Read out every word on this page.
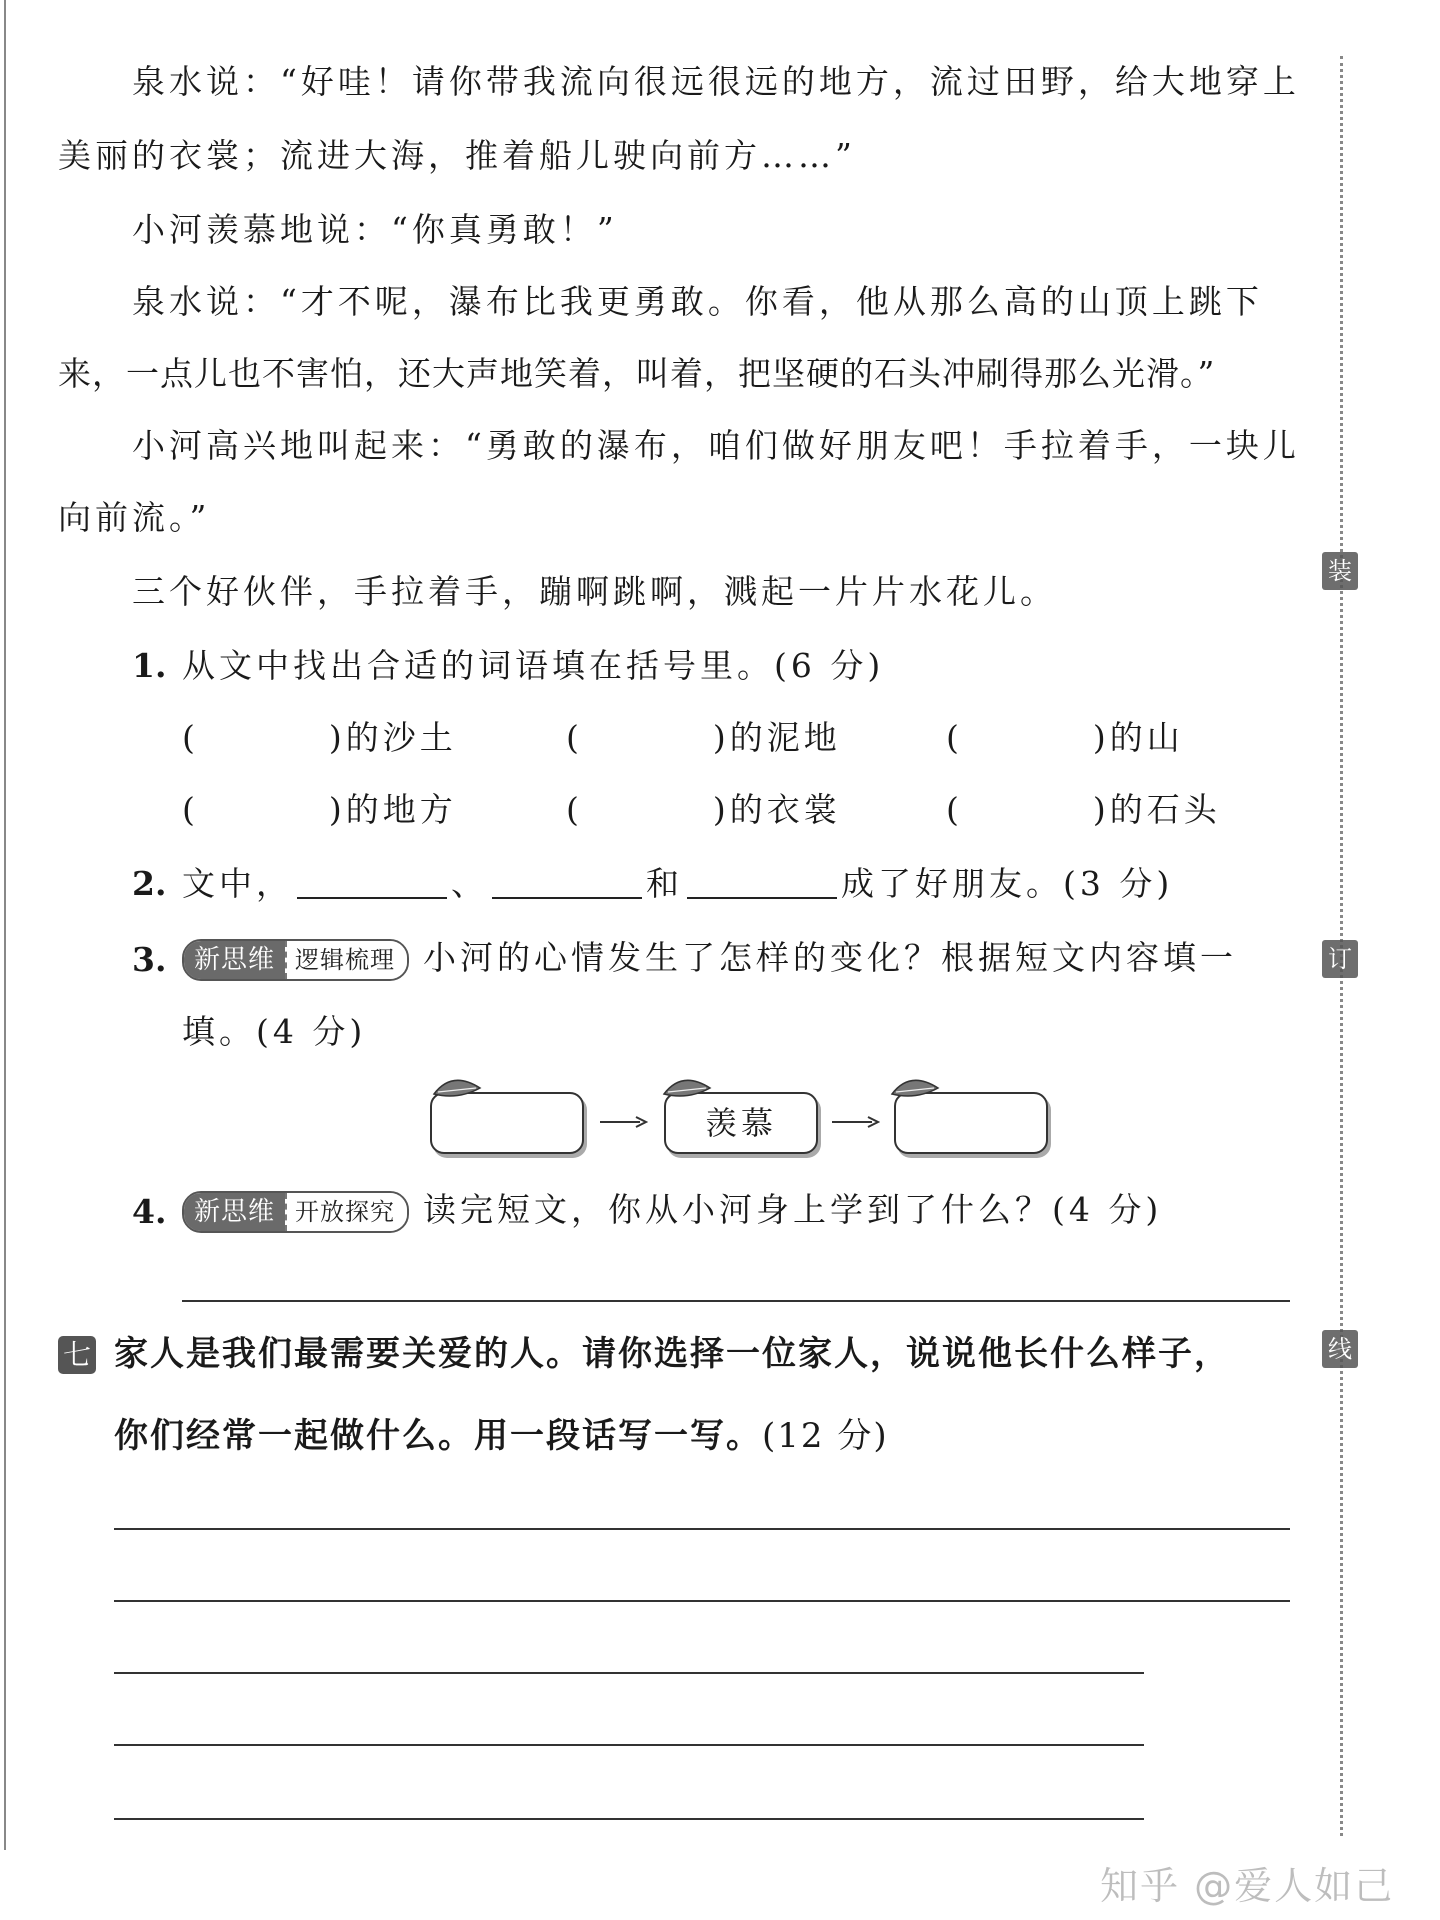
装
订
线
泉水说：“好哇！请你带我流向很远很远的地方，流过田野，给大地穿上
美丽的衣裳；流进大海，推着船儿驶向前方……”
小河羡慕地说：“你真勇敢！”
泉水说：“才不呢，瀑布比我更勇敢。你看，他从那么高的山顶上跳下
来，一点儿也不害怕，还大声地笑着，叫着，把坚硬的石头冲刷得那么光滑。”
小河高兴地叫起来：“勇敢的瀑布，咱们做好朋友吧！手拉着手，一块儿
向前流。”
三个好伙伴，手拉着手，蹦啊跳啊，溅起一片片水花儿。
1. 从文中找出合适的词语填在括号里。(6 分)
(	)的沙土	(	)的泥地	(	)的山
(	)的地方	(	)的衣裳	(	)的石头
2. 文中，	、	和	成了好朋友。(3 分)
3.	新思维 逻辑梳理 小河的心情发生了怎样的变化？根据短文内容填一
填。(4 分)
羡慕
4.	新思维 开放探究 读完短文，你从小河身上学到了什么？(4 分)
七 家人是我们最需要关爱的人。请你选择一位家人，说说他长什么样子，
你们经常一起做什么。用一段话写一写。(12 分)
知乎 @爱人如己
